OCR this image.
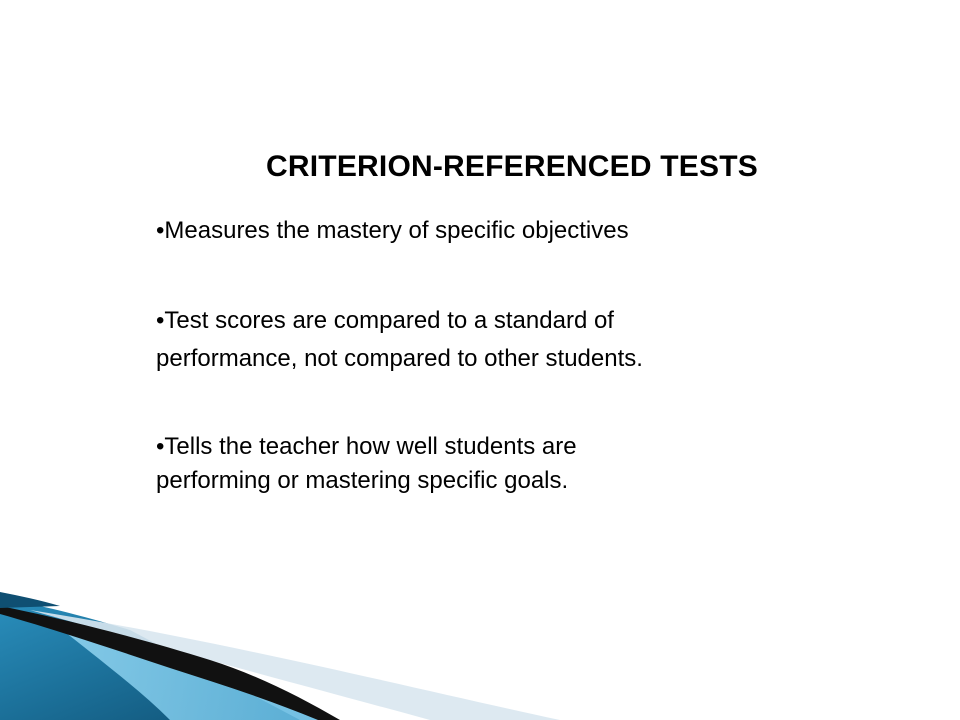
CRITERION-REFERENCED TESTS

•Measures the mastery of specific objectives

•Test scores are compared to a standard of

performance, not compared to other students.

•Tells the teacher how well students are

performing or mastering specific goals.
